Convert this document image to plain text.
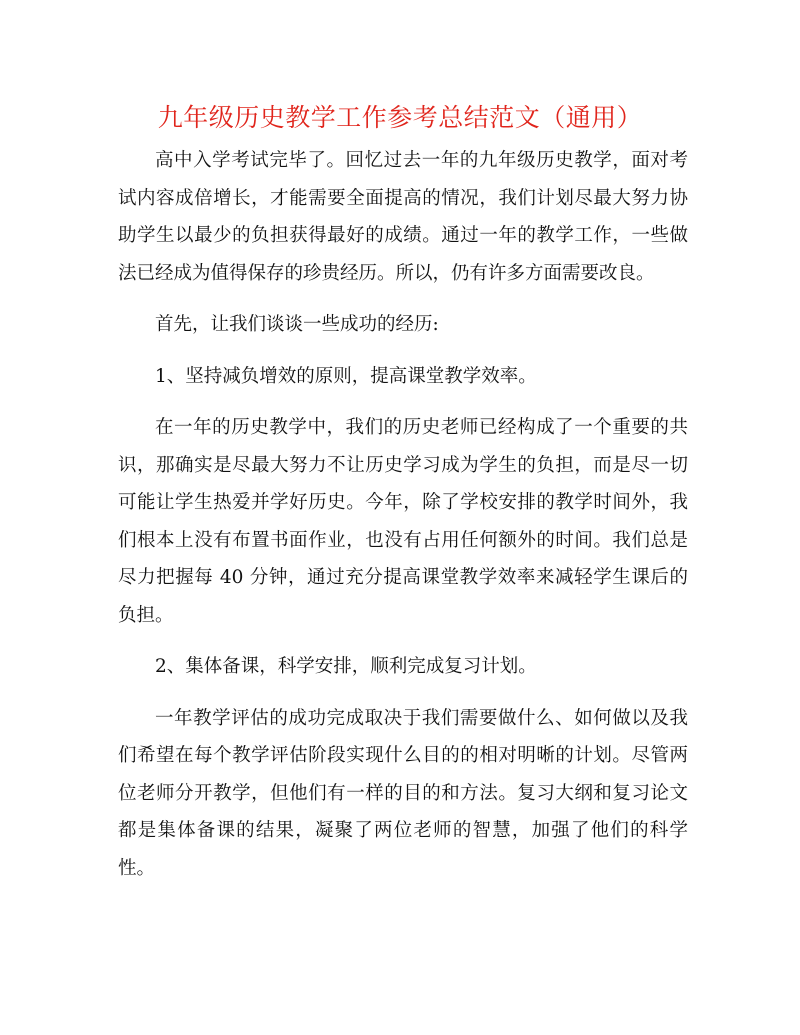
九年级历史教学工作参考总结范文（通用）

高中入学考试完毕了。回忆过去一年的九年级历史教学，面对考试内容成倍增长，才能需要全面提高的情况，我们计划尽最大努力协助学生以最少的负担获得最好的成绩。通过一年的教学工作，一些做法已经成为值得保存的珍贵经历。所以，仍有许多方面需要改良。

首先，让我们谈谈一些成功的经历:

1、坚持减负增效的原则，提高课堂教学效率。

在一年的历史教学中，我们的历史老师已经构成了一个重要的共识，那确实是尽最大努力不让历史学习成为学生的负担，而是尽一切可能让学生热爱并学好历史。今年，除了学校安排的教学时间外，我们根本上没有布置书面作业，也没有占用任何额外的时间。我们总是尽力把握每 40 分钟，通过充分提高课堂教学效率来减轻学生课后的负担。

2、集体备课，科学安排，顺利完成复习计划。

一年教学评估的成功完成取决于我们需要做什么、如何做以及我们希望在每个教学评估阶段实现什么目的的相对明晰的计划。尽管两位老师分开教学，但他们有一样的目的和方法。复习大纲和复习论文都是集体备课的结果，凝聚了两位老师的智慧，加强了他们的科学性。
